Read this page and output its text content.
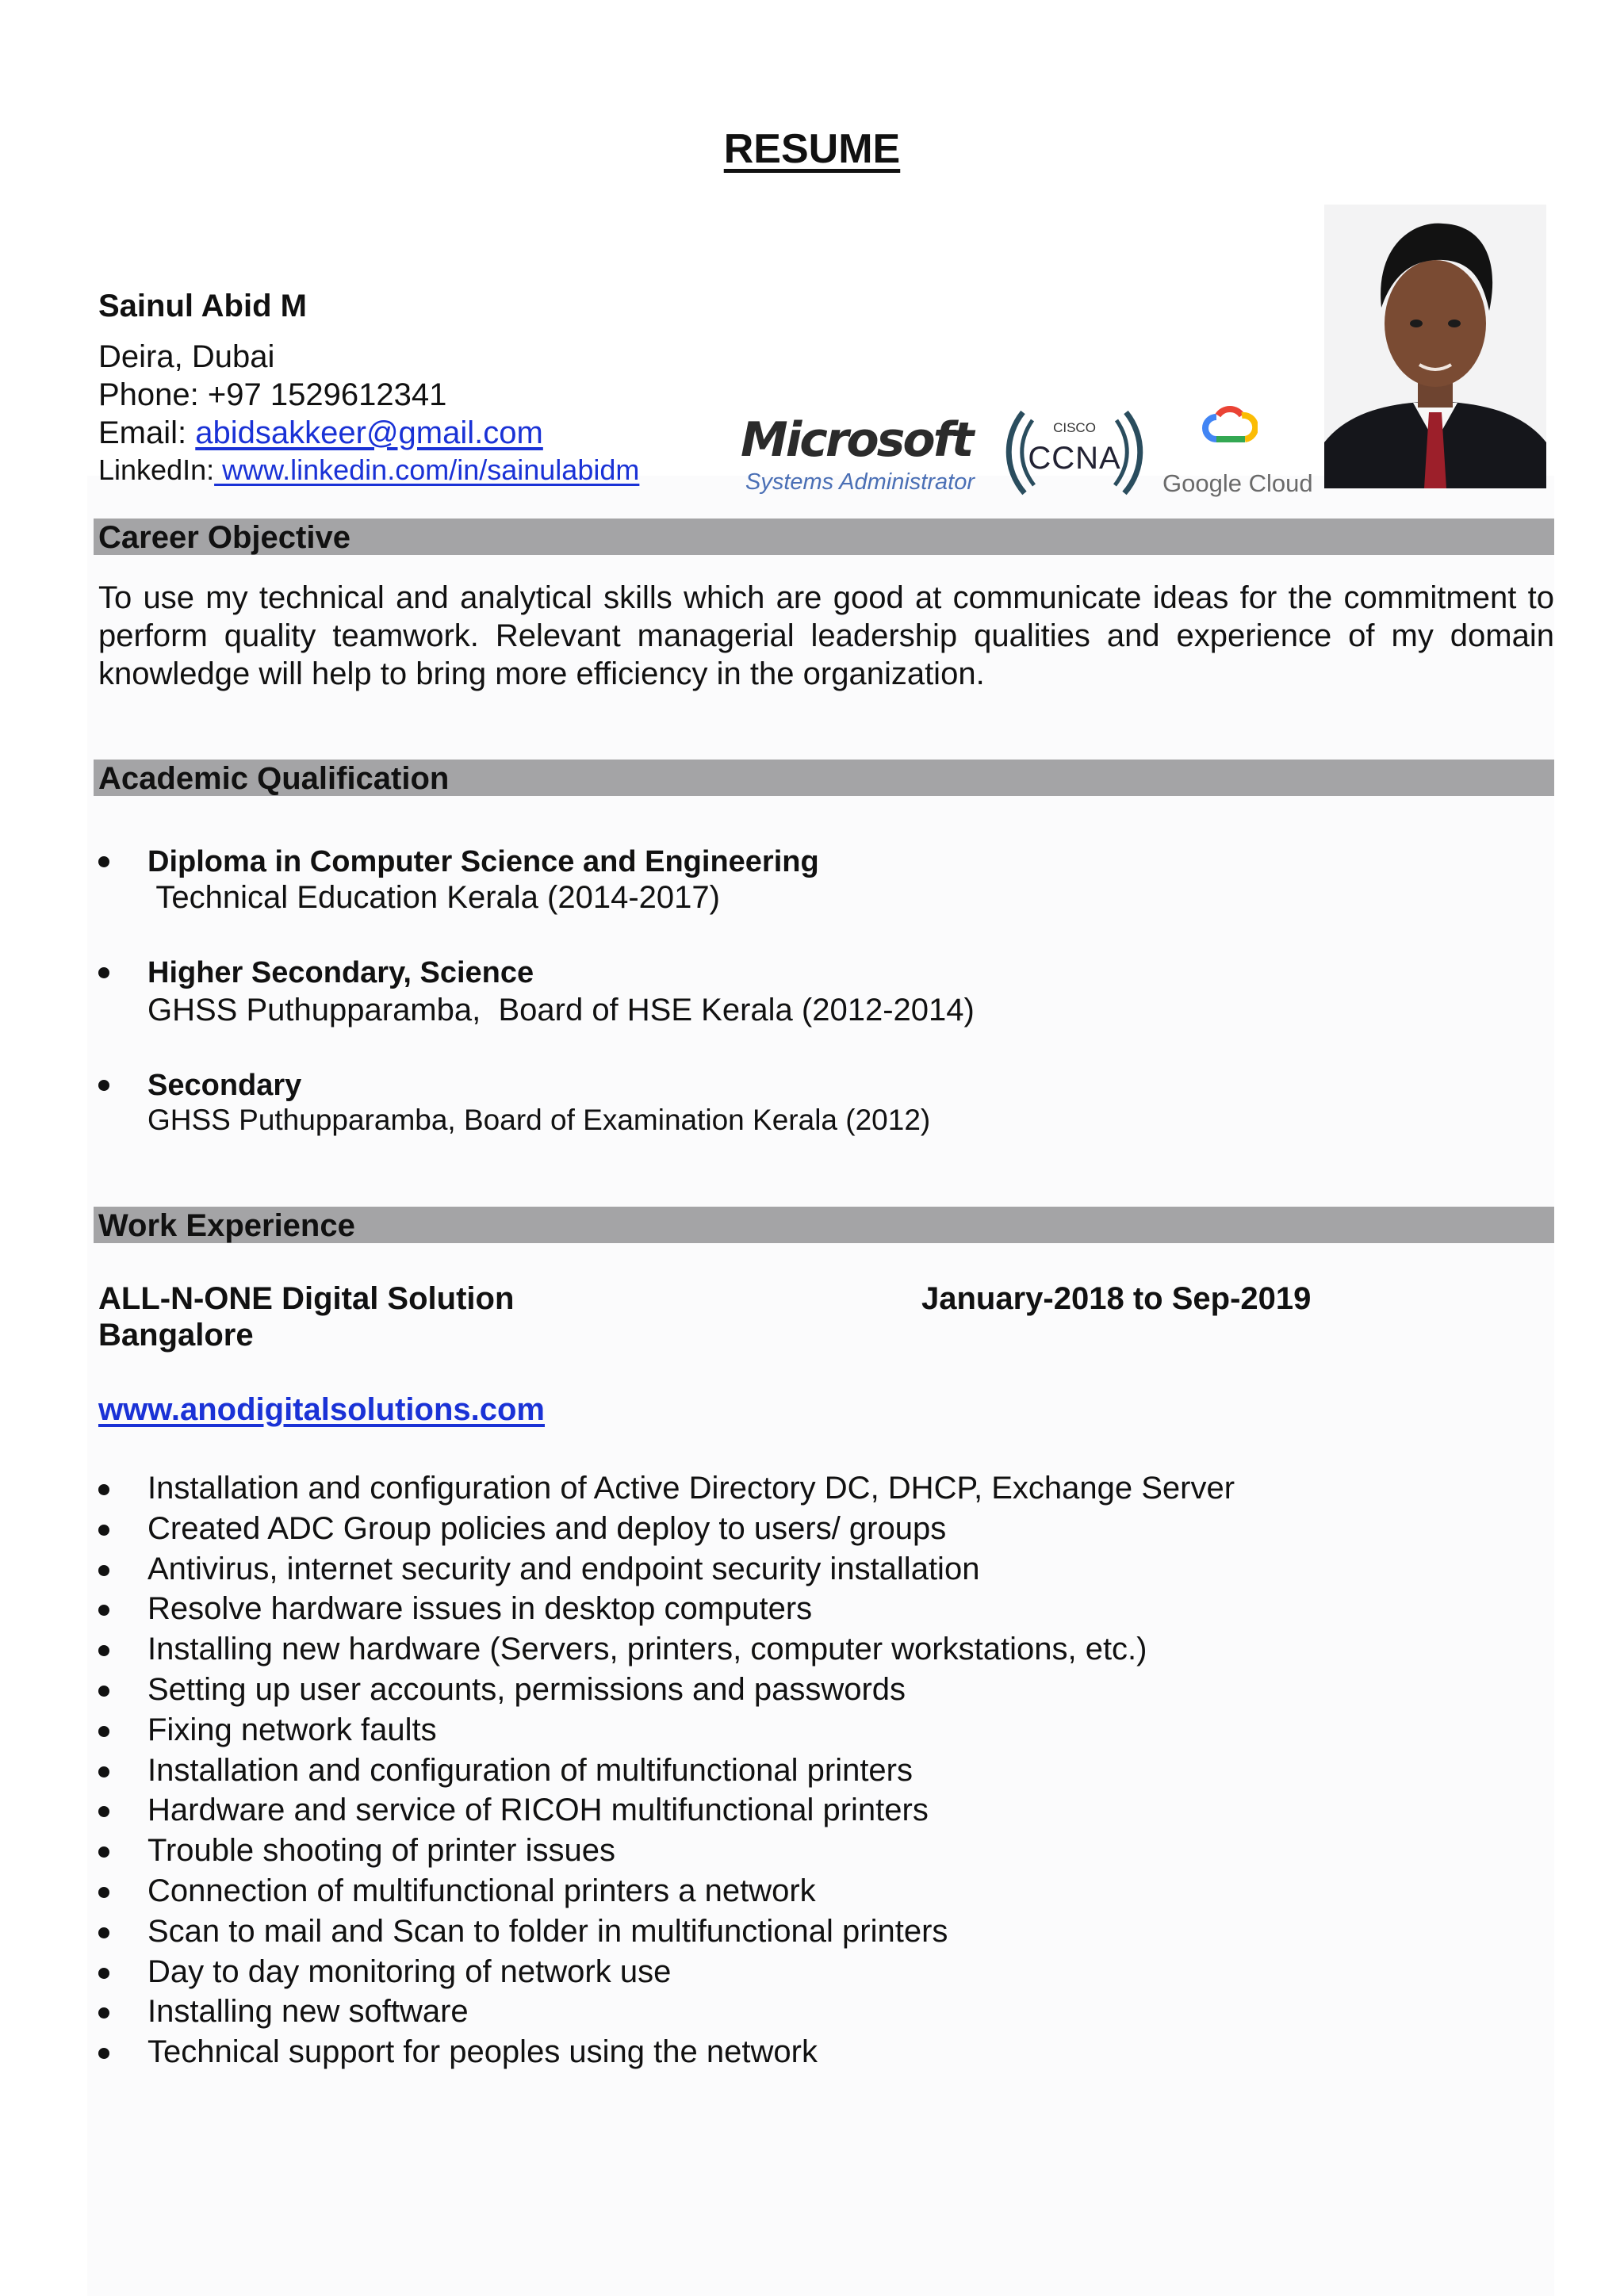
RESUME
Sainul Abid M
Deira, Dubai
Phone: +97 1529612341
Email: abidsakkeer@gmail.com
LinkedIn: www.linkedin.com/in/sainulabidm
Microsoft
Systems Administrator
CISCO
CCNA
Google Cloud
Career Objective
To use my technical and analytical skills which are good at communicate ideas for the commitment to perform quality teamwork. Relevant managerial leadership qualities and experience of my domain knowledge will help to bring more efficiency in the organization.
Academic Qualification
Diploma in Computer Science and Engineering
Technical Education Kerala (2014-2017)
Higher Secondary, Science
GHSS Puthupparamba,  Board of HSE Kerala (2012-2014)
Secondary
GHSS Puthupparamba, Board of Examination Kerala (2012)
Work Experience
ALL-N-ONE Digital Solution	January-2018 to Sep-2019
Bangalore
www.anodigitalsolutions.com
Installation and configuration of Active Directory DC, DHCP, Exchange Server
Created ADC Group policies and deploy to users/ groups
Antivirus, internet security and endpoint security installation
Resolve hardware issues in desktop computers
Installing new hardware (Servers, printers, computer workstations, etc.)
Setting up user accounts, permissions and passwords
Fixing network faults
Installation and configuration of multifunctional printers
Hardware and service of RICOH multifunctional printers
Trouble shooting of printer issues
Connection of multifunctional printers a network
Scan to mail and Scan to folder in multifunctional printers
Day to day monitoring of network use
Installing new software
Technical support for peoples using the network
